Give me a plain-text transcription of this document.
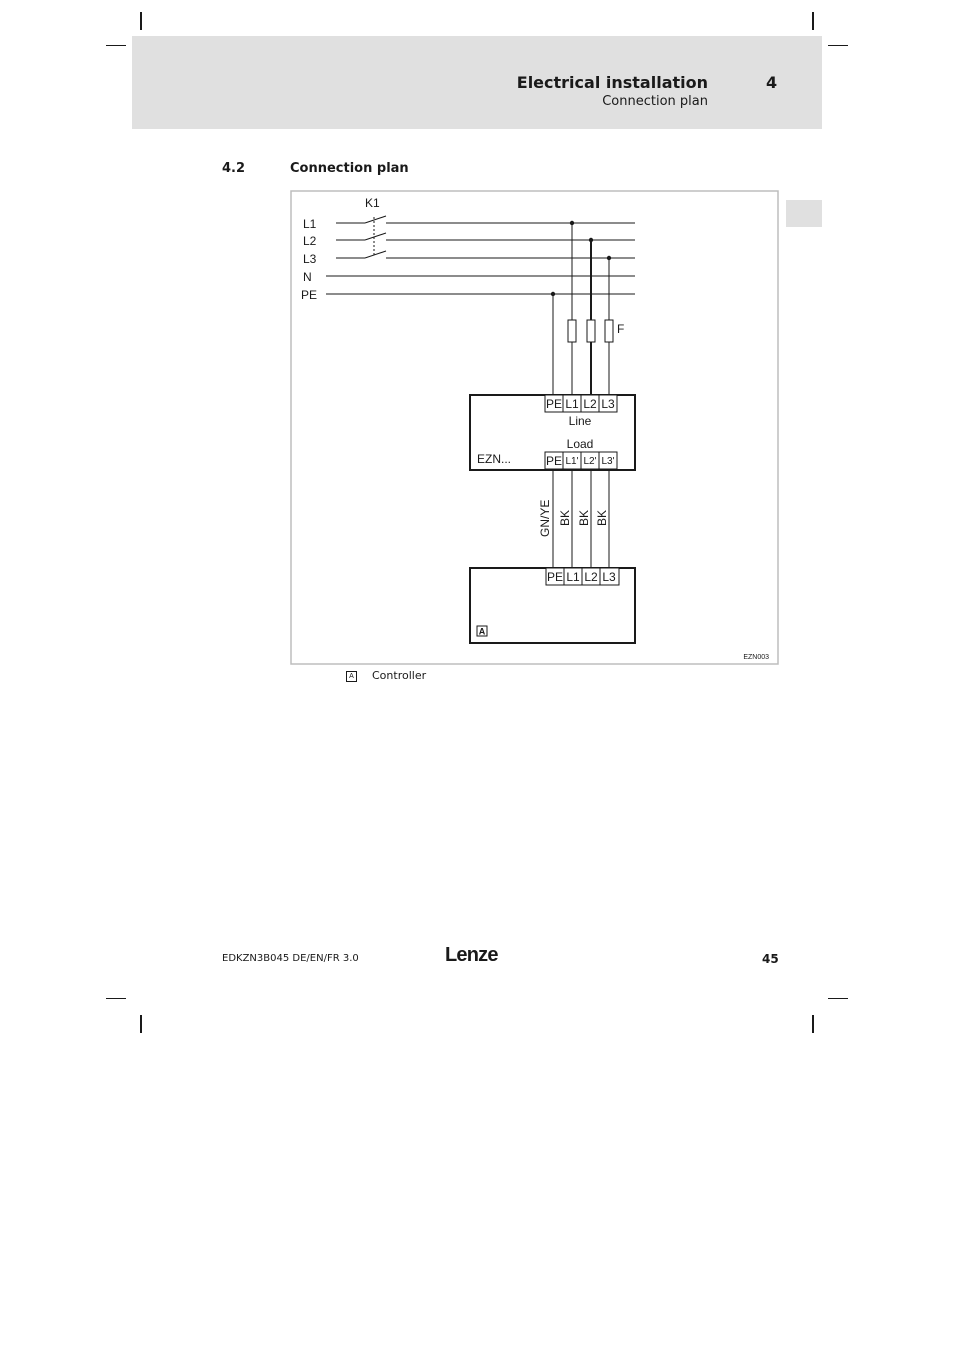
Electrical installation
Connection plan
4
4.2	Connection plan
K1
L1
L2
L3
N
PE
F
PE L1 L2 L3
Line
Load
EZN...	PE L1' L2' L3'
GN/YE BK BK BK
PE L1 L2 L3
A
EZN003
A Controller
EDKZN3B045 DE/EN/FR 3.0	Lenze	45
